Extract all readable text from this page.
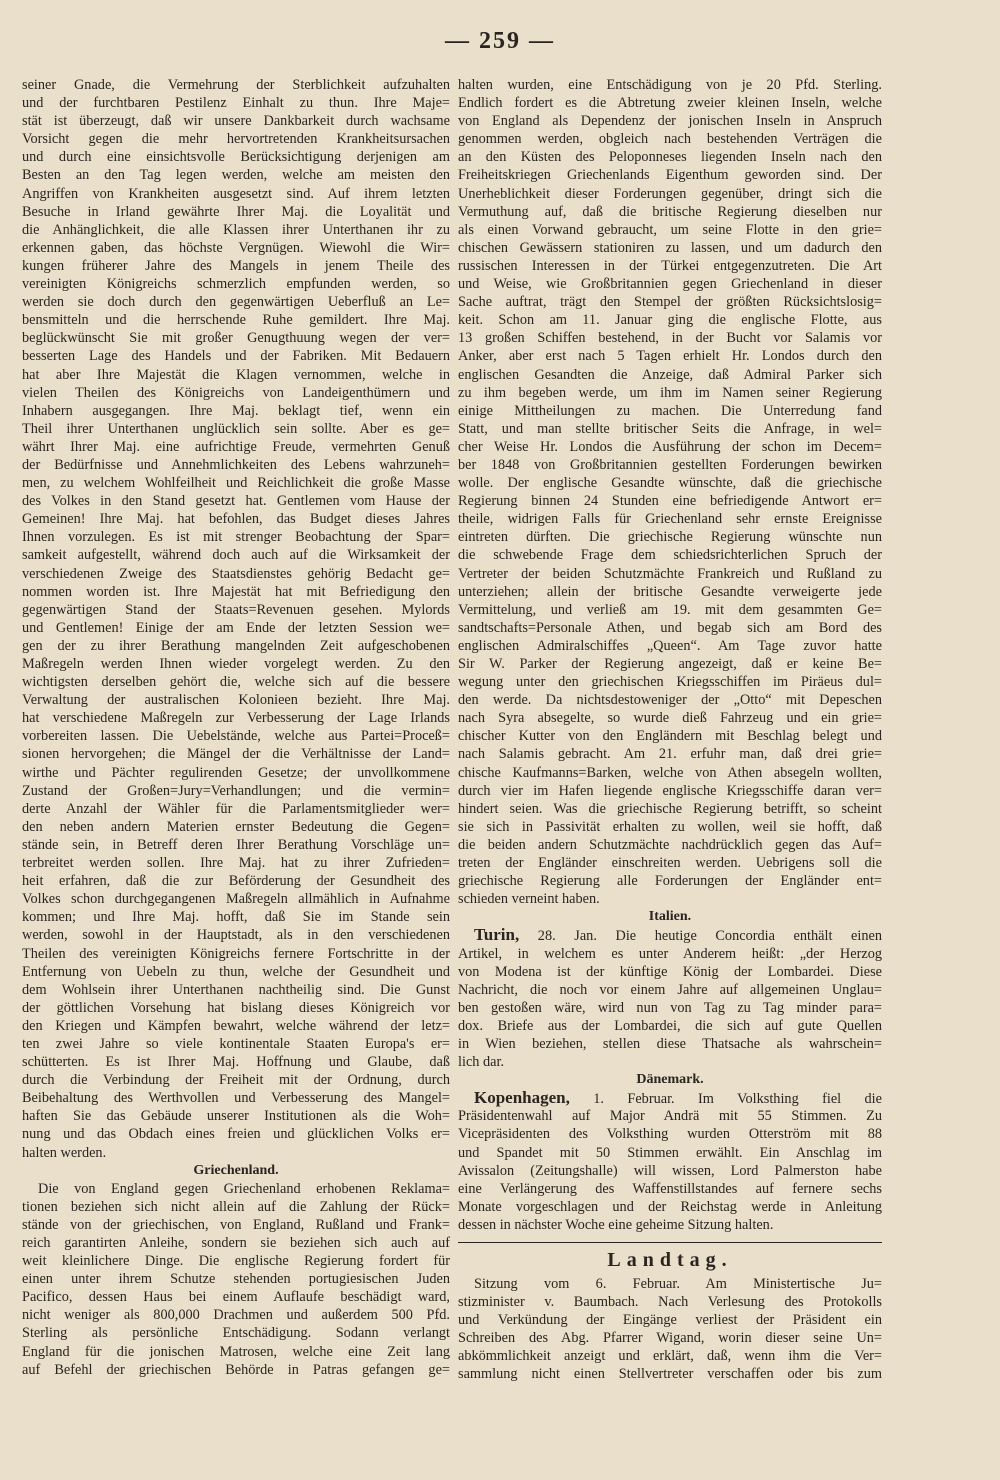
— 259 —
seiner Gnade, die Vermehrung der Sterblichkeit aufzuhalten
und der furchtbaren Pestilenz Einhalt zu thun. Ihre Maje=
stät ist überzeugt, daß wir unsere Dankbarkeit durch wachsame
Vorsicht gegen die mehr hervortretenden Krankheitsursachen
und durch eine einsichtsvolle Berücksichtigung derjenigen am
Besten an den Tag legen werden, welche am meisten den
Angriffen von Krankheiten ausgesetzt sind. Auf ihrem letzten
Besuche in Irland gewährte Ihrer Maj. die Loyalität und
die Anhänglichkeit, die alle Klassen ihrer Unterthanen ihr zu
erkennen gaben, das höchste Vergnügen. Wiewohl die Wir=
kungen früherer Jahre des Mangels in jenem Theile des
vereinigten Königreichs schmerzlich empfunden werden, so
werden sie doch durch den gegenwärtigen Ueberfluß an Le=
bensmitteln und die herrschende Ruhe gemildert. Ihre Maj.
beglückwünscht Sie mit großer Genugthuung wegen der ver=
besserten Lage des Handels und der Fabriken. Mit Bedauern
hat aber Ihre Majestät die Klagen vernommen, welche in
vielen Theilen des Königreichs von Landeigenthümern und
Inhabern ausgegangen. Ihre Maj. beklagt tief, wenn ein
Theil ihrer Unterthanen unglücklich sein sollte. Aber es ge=
währt Ihrer Maj. eine aufrichtige Freude, vermehrten Genuß
der Bedürfnisse und Annehmlichkeiten des Lebens wahrzuneh=
men, zu welchem Wohlfeilheit und Reichlichkeit die große Masse
des Volkes in den Stand gesetzt hat. Gentlemen vom Hause der
Gemeinen! Ihre Maj. hat befohlen, das Budget dieses Jahres
Ihnen vorzulegen. Es ist mit strenger Beobachtung der Spar=
samkeit aufgestellt, während doch auch auf die Wirksamkeit der
verschiedenen Zweige des Staatsdienstes gehörig Bedacht ge=
nommen worden ist. Ihre Majestät hat mit Befriedigung den
gegenwärtigen Stand der Staats=Revenuen gesehen. Mylords
und Gentlemen! Einige der am Ende der letzten Session we=
gen der zu ihrer Berathung mangelnden Zeit aufgeschobenen
Maßregeln werden Ihnen wieder vorgelegt werden. Zu den
wichtigsten derselben gehört die, welche sich auf die bessere
Verwaltung der australischen Kolonieen bezieht. Ihre Maj.
hat verschiedene Maßregeln zur Verbesserung der Lage Irlands
vorbereiten lassen. Die Uebelstände, welche aus Partei=Proceß=
sionen hervorgehen; die Mängel der die Verhältnisse der Land=
wirthe und Pächter regulirenden Gesetze; der unvollkommene
Zustand der Großen=Jury=Verhandlungen; und die vermin=
derte Anzahl der Wähler für die Parlamentsmitglieder wer=
den neben andern Materien ernster Bedeutung die Gegen=
stände sein, in Betreff deren Ihrer Berathung Vorschläge un=
terbreitet werden sollen. Ihre Maj. hat zu ihrer Zufrieden=
heit erfahren, daß die zur Beförderung der Gesundheit des
Volkes schon durchgegangenen Maßregeln allmählich in Aufnahme
kommen; und Ihre Maj. hofft, daß Sie im Stande sein
werden, sowohl in der Hauptstadt, als in den verschiedenen
Theilen des vereinigten Königreichs fernere Fortschritte in der
Entfernung von Uebeln zu thun, welche der Gesundheit und
dem Wohlsein ihrer Unterthanen nachtheilig sind. Die Gunst
der göttlichen Vorsehung hat bislang dieses Königreich vor
den Kriegen und Kämpfen bewahrt, welche während der letz=
ten zwei Jahre so viele kontinentale Staaten Europa's er=
schütterten. Es ist Ihrer Maj. Hoffnung und Glaube, daß
durch die Verbindung der Freiheit mit der Ordnung, durch
Beibehaltung des Werthvollen und Verbesserung des Mangel=
haften Sie das Gebäude unserer Institutionen als die Woh=
nung und das Obdach eines freien und glücklichen Volks er=
halten werden.
Griechenland.
Die von England gegen Griechenland erhobenen Reklama=
tionen beziehen sich nicht allein auf die Zahlung der Rück=
stände von der griechischen, von England, Rußland und Frank=
reich garantirten Anleihe, sondern sie beziehen sich auch auf
weit kleinlichere Dinge. Die englische Regierung fordert für
einen unter ihrem Schutze stehenden portugiesischen Juden
Pacifico, dessen Haus bei einem Auflaufe beschädigt ward,
nicht weniger als 800,000 Drachmen und außerdem 500 Pfd.
Sterling als persönliche Entschädigung. Sodann verlangt
England für die jonischen Matrosen, welche eine Zeit lang
auf Befehl der griechischen Behörde in Patras gefangen ge=
halten wurden, eine Entschädigung von je 20 Pfd. Sterling.
Endlich fordert es die Abtretung zweier kleinen Inseln, welche
von England als Dependenz der jonischen Inseln in Anspruch
genommen werden, obgleich nach bestehenden Verträgen die
an den Küsten des Peloponneses liegenden Inseln nach den
Freiheitskriegen Griechenlands Eigenthum geworden sind. Der
Unerheblichkeit dieser Forderungen gegenüber, dringt sich die
Vermuthung auf, daß die britische Regierung dieselben nur
als einen Vorwand gebraucht, um seine Flotte in den grie=
chischen Gewässern stationiren zu lassen, und um dadurch den
russischen Interessen in der Türkei entgegenzutreten. Die Art
und Weise, wie Großbritannien gegen Griechenland in dieser
Sache auftrat, trägt den Stempel der größten Rücksichtslosig=
keit. Schon am 11. Januar ging die englische Flotte, aus
13 großen Schiffen bestehend, in der Bucht vor Salamis vor
Anker, aber erst nach 5 Tagen erhielt Hr. Londos durch den
englischen Gesandten die Anzeige, daß Admiral Parker sich
zu ihm begeben werde, um ihm im Namen seiner Regierung
einige Mittheilungen zu machen. Die Unterredung fand
Statt, und man stellte britischer Seits die Anfrage, in wel=
cher Weise Hr. Londos die Ausführung der schon im Decem=
ber 1848 von Großbritannien gestellten Forderungen bewirken
wolle. Der englische Gesandte wünschte, daß die griechische
Regierung binnen 24 Stunden eine befriedigende Antwort er=
theile, widrigen Falls für Griechenland sehr ernste Ereignisse
eintreten dürften. Die griechische Regierung wünschte nun
die schwebende Frage dem schiedsrichterlichen Spruch der
Vertreter der beiden Schutzmächte Frankreich und Rußland zu
unterziehen; allein der britische Gesandte verweigerte jede
Vermittelung, und verließ am 19. mit dem gesammten Ge=
sandtschafts=Personale Athen, und begab sich am Bord des
englischen Admiralschiffes „Queen“. Am Tage zuvor hatte
Sir W. Parker der Regierung angezeigt, daß er keine Be=
wegung unter den griechischen Kriegsschiffen im Piräeus dul=
den werde. Da nichtsdestoweniger der „Otto“ mit Depeschen
nach Syra absegelte, so wurde dieß Fahrzeug und ein grie=
chischer Kutter von den Engländern mit Beschlag belegt und
nach Salamis gebracht. Am 21. erfuhr man, daß drei grie=
chische Kaufmanns=Barken, welche von Athen absegeln wollten,
durch vier im Hafen liegende englische Kriegsschiffe daran ver=
hindert seien. Was die griechische Regierung betrifft, so scheint
sie sich in Passivität erhalten zu wollen, weil sie hofft, daß
die beiden andern Schutzmächte nachdrücklich gegen das Auf=
treten der Engländer einschreiten werden. Uebrigens soll die
griechische Regierung alle Forderungen der Engländer ent=
schieden verneint haben.
Italien.
Turin, 28. Jan. Die heutige Concordia enthält einen
Artikel, in welchem es unter Anderem heißt: „der Herzog
von Modena ist der künftige König der Lombardei. Diese
Nachricht, die noch vor einem Jahre auf allgemeinen Unglau=
ben gestoßen wäre, wird nun von Tag zu Tag minder para=
dox. Briefe aus der Lombardei, die sich auf gute Quellen
in Wien beziehen, stellen diese Thatsache als wahrschein=
lich dar.
Dänemark.
Kopenhagen, 1. Februar. Im Volksthing fiel die
Präsidentenwahl auf Major Andrä mit 55 Stimmen. Zu
Vicepräsidenten des Volksthing wurden Otterström mit 88
und Spandet mit 50 Stimmen erwählt. Ein Anschlag im
Avissalon (Zeitungshalle) will wissen, Lord Palmerston habe
eine Verlängerung des Waffenstillstandes auf fernere sechs
Monate vorgeschlagen und der Reichstag werde in Anleitung
dessen in nächster Woche eine geheime Sitzung halten.
Landtag.
Sitzung vom 6. Februar. Am Ministertische Ju=
stizminister v. Baumbach. Nach Verlesung des Protokolls
und Verkündung der Eingänge verliest der Präsident ein
Schreiben des Abg. Pfarrer Wigand, worin dieser seine Un=
abkömmlichkeit anzeigt und erklärt, daß, wenn ihm die Ver=
sammlung nicht einen Stellvertreter verschaffen oder bis zum
